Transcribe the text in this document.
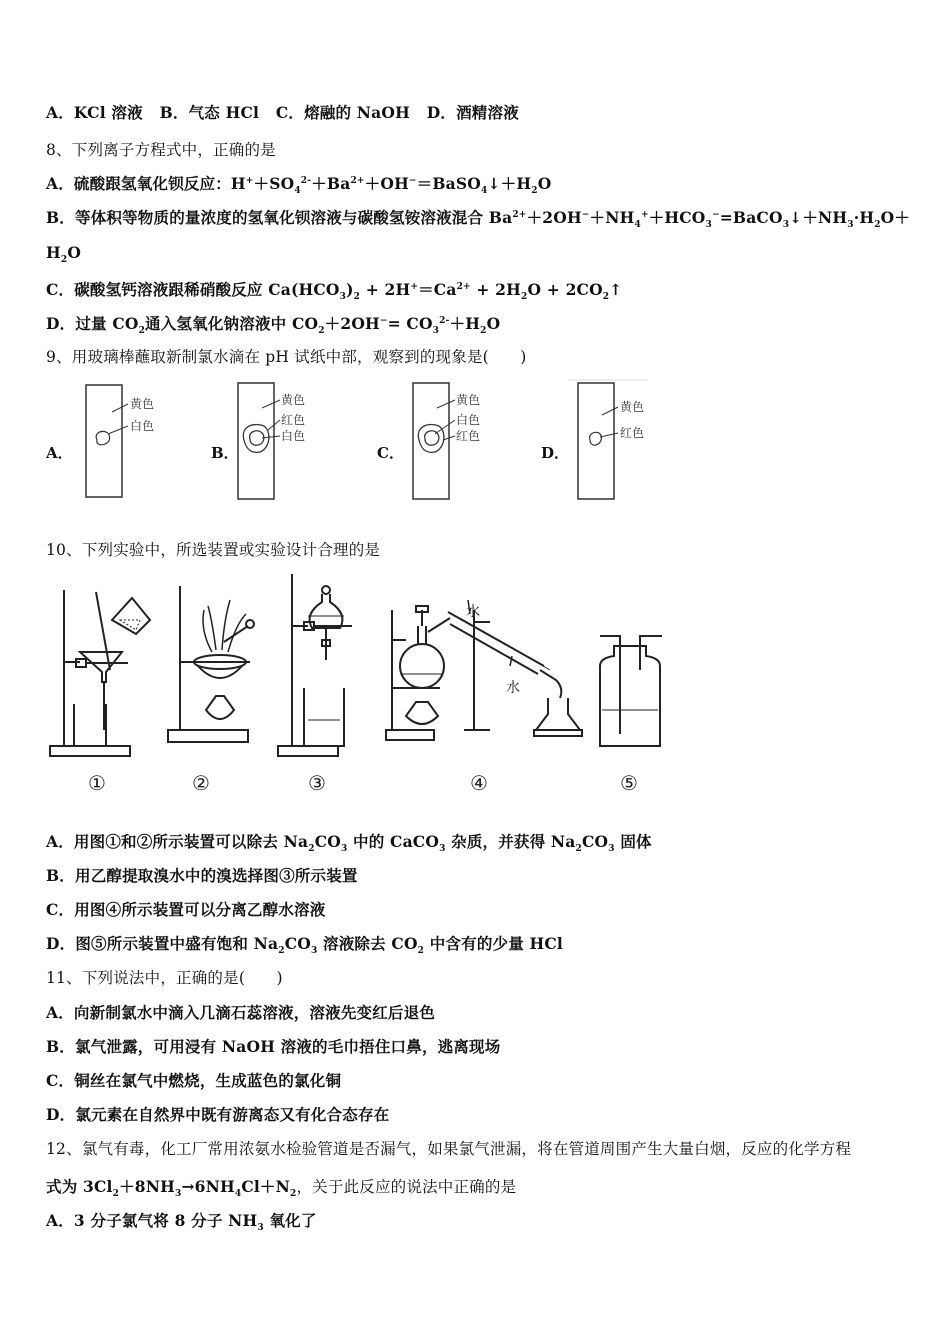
A．KCl 溶液 B．气态 HCl C．熔融的 NaOH D．酒精溶液
8、下列离子方程式中，正确的是
A．硫酸跟氢氧化钡反应：$H^++SO_4^{2-}+Ba^{2+}+OH^-=BaSO_4↓+H_2O$
B．等体积等物质的量浓度的氢氧化钡溶液与碳酸氢铵溶液混合 $Ba^{2+}+2OH^-+NH_4^++HCO_3^-=BaCO_3↓+NH_3\cdot H_2O+$
$H_2O$
C．碳酸氢钙溶液跟稀硝酸反应 $Ca(HCO_3)_2 + 2H^+=Ca^{2+} + 2H_2O$ + $2CO_2↑$
D．过量 $CO_2$通入氢氧化钠溶液中 $CO_2+2OH^-= CO_3^{2-}+H_2O$
9、用玻璃棒蘸取新制氯水滴在 pH 试纸中部，观察到的现象是(　　)
A．
黄色
白色
B．
黄色
红色
白色
C．
黄色
白色
红色
D．
黄色
红色
10、下列实验中，所选装置或实验设计合理的是
水
水
①	②	③	④	⑤
A．用图①和②所示装置可以除去 $Na_2CO_3$ 中的 CaCO$_3$ 杂质，并获得 $Na_2CO_3$ 固体
B．用乙醇提取溴水中的溴选择图③所示装置
C．用图④所示装置可以分离乙醇水溶液
D．图⑤所示装置中盛有饱和 $Na_2CO_3$ 溶液除去 $CO_2$ 中含有的少量 HCl
11、下列说法中，正确的是(　　)
A．向新制氯水中滴入几滴石蕊溶液，溶液先变红后退色
B．氯气泄露，可用浸有 NaOH 溶液的毛巾捂住口鼻，逃离现场
C．铜丝在氯气中燃烧，生成蓝色的氯化铜
D．氯元素在自然界中既有游离态又有化合态存在
12、氯气有毒，化工厂常用浓氨水检验管道是否漏气，如果氯气泄漏，将在管道周围产生大量白烟，反应的化学方程
式为 $3Cl_2+8NH_3\to 6NH_4Cl+N_2$，关于此反应的说法中正确的是
A．3 分子氯气将 8 分子 $NH_3$ 氧化了
